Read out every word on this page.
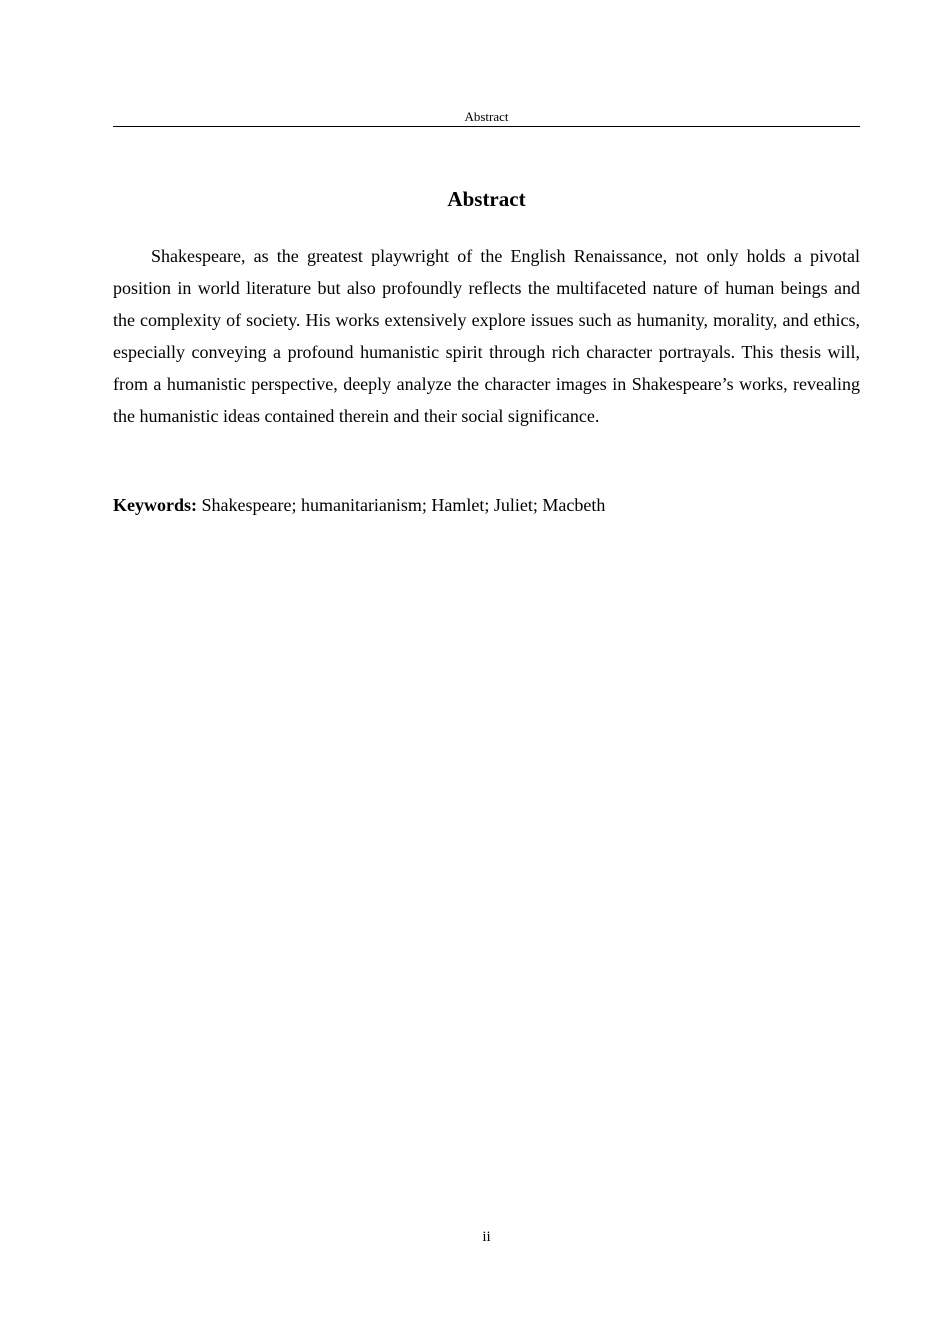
Abstract
Abstract

Shakespeare, as the greatest playwright of the English Renaissance, not only holds a pivotal position in world literature but also profoundly reflects the multifaceted nature of human beings and the complexity of society. His works extensively explore issues such as humanity, morality, and ethics, especially conveying a profound humanistic spirit through rich character portrayals. This thesis will, from a humanistic perspective, deeply analyze the character images in Shakespeare’s works, revealing the humanistic ideas contained therein and their social significance.

Keywords: Shakespeare; humanitarianism; Hamlet; Juliet; Macbeth

ii
